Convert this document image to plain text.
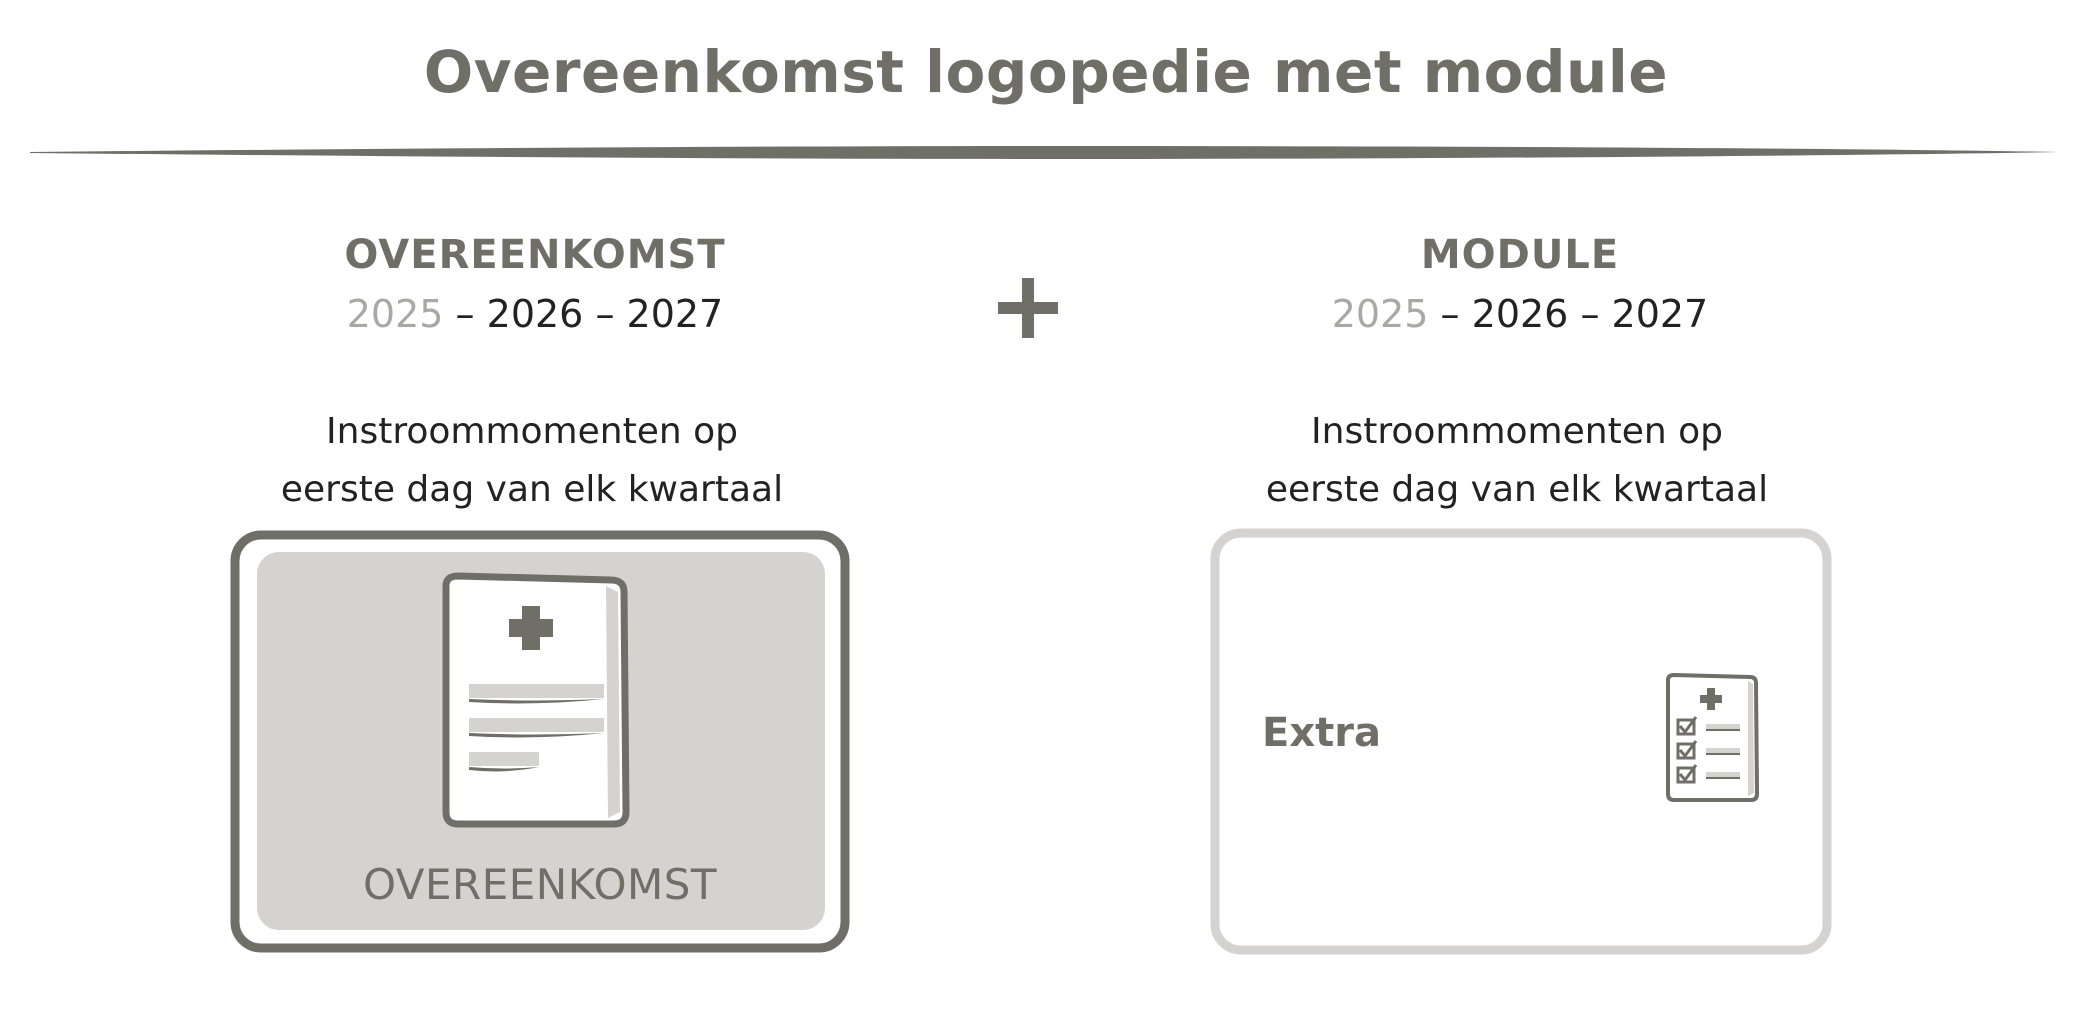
Overeenkomst logopedie met module
OVEREENKOMST
2025 – 2026 – 2027
Instroommomenten op
eerste dag van elk kwartaal
OVEREENKOMST
MODULE
2025 – 2026 – 2027
Instroommomenten op
eerste dag van elk kwartaal
Extra
